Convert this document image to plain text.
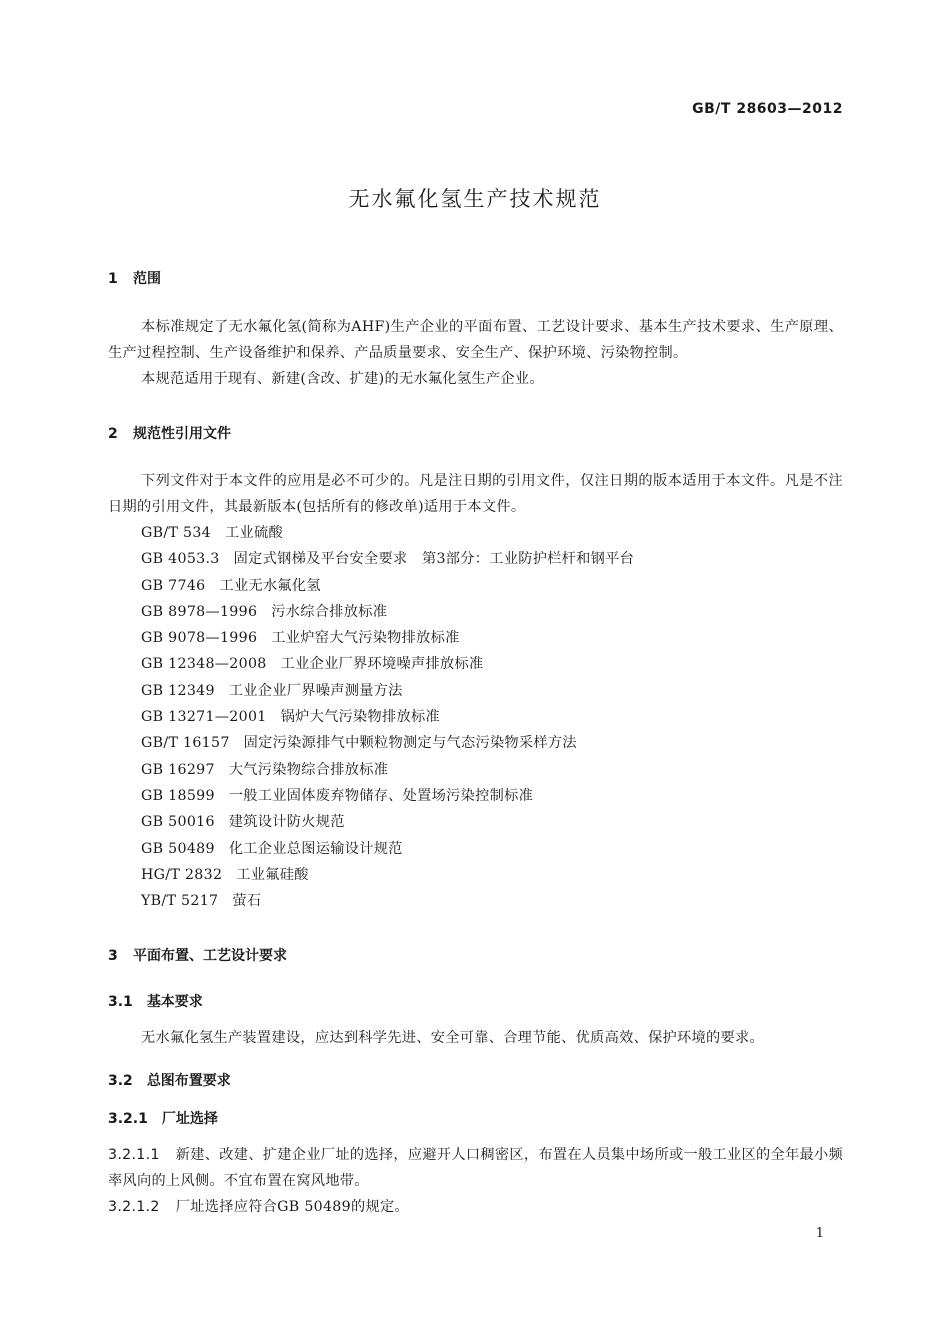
GB/T 28603—2012
无水氟化氢生产技术规范
1 范围
本标准规定了无水氟化氢(简称为AHF)生产企业的平面布置、工艺设计要求、基本生产技术要求、生产原理、生产过程控制、生产设备维护和保养、产品质量要求、安全生产、保护环境、污染物控制。
本规范适用于现有、新建(含改、扩建)的无水氟化氢生产企业。
2 规范性引用文件
下列文件对于本文件的应用是必不可少的。凡是注日期的引用文件，仅注日期的版本适用于本文件。凡是不注日期的引用文件，其最新版本(包括所有的修改单)适用于本文件。
GB/T 534 工业硫酸
GB 4053.3 固定式钢梯及平台安全要求　第3部分：工业防护栏杆和钢平台
GB 7746 工业无水氟化氢
GB 8978—1996 污水综合排放标准
GB 9078—1996 工业炉窑大气污染物排放标准
GB 12348—2008 工业企业厂界环境噪声排放标准
GB 12349 工业企业厂界噪声测量方法
GB 13271—2001 锅炉大气污染物排放标准
GB/T 16157 固定污染源排气中颗粒物测定与气态污染物采样方法
GB 16297 大气污染物综合排放标准
GB 18599 一般工业固体废弃物储存、处置场污染控制标准
GB 50016 建筑设计防火规范
GB 50489 化工企业总图运输设计规范
HG/T 2832 工业氟硅酸
YB/T 5217 萤石
3 平面布置、工艺设计要求
3.1 基本要求
无水氟化氢生产装置建设，应达到科学先进、安全可靠、合理节能、优质高效、保护环境的要求。
3.2 总图布置要求
3.2.1 厂址选择
3.2.1.1 新建、改建、扩建企业厂址的选择，应避开人口稠密区，布置在人员集中场所或一般工业区的全年最小频率风向的上风侧。不宜布置在窝风地带。
3.2.1.2 厂址选择应符合GB 50489的规定。
1
